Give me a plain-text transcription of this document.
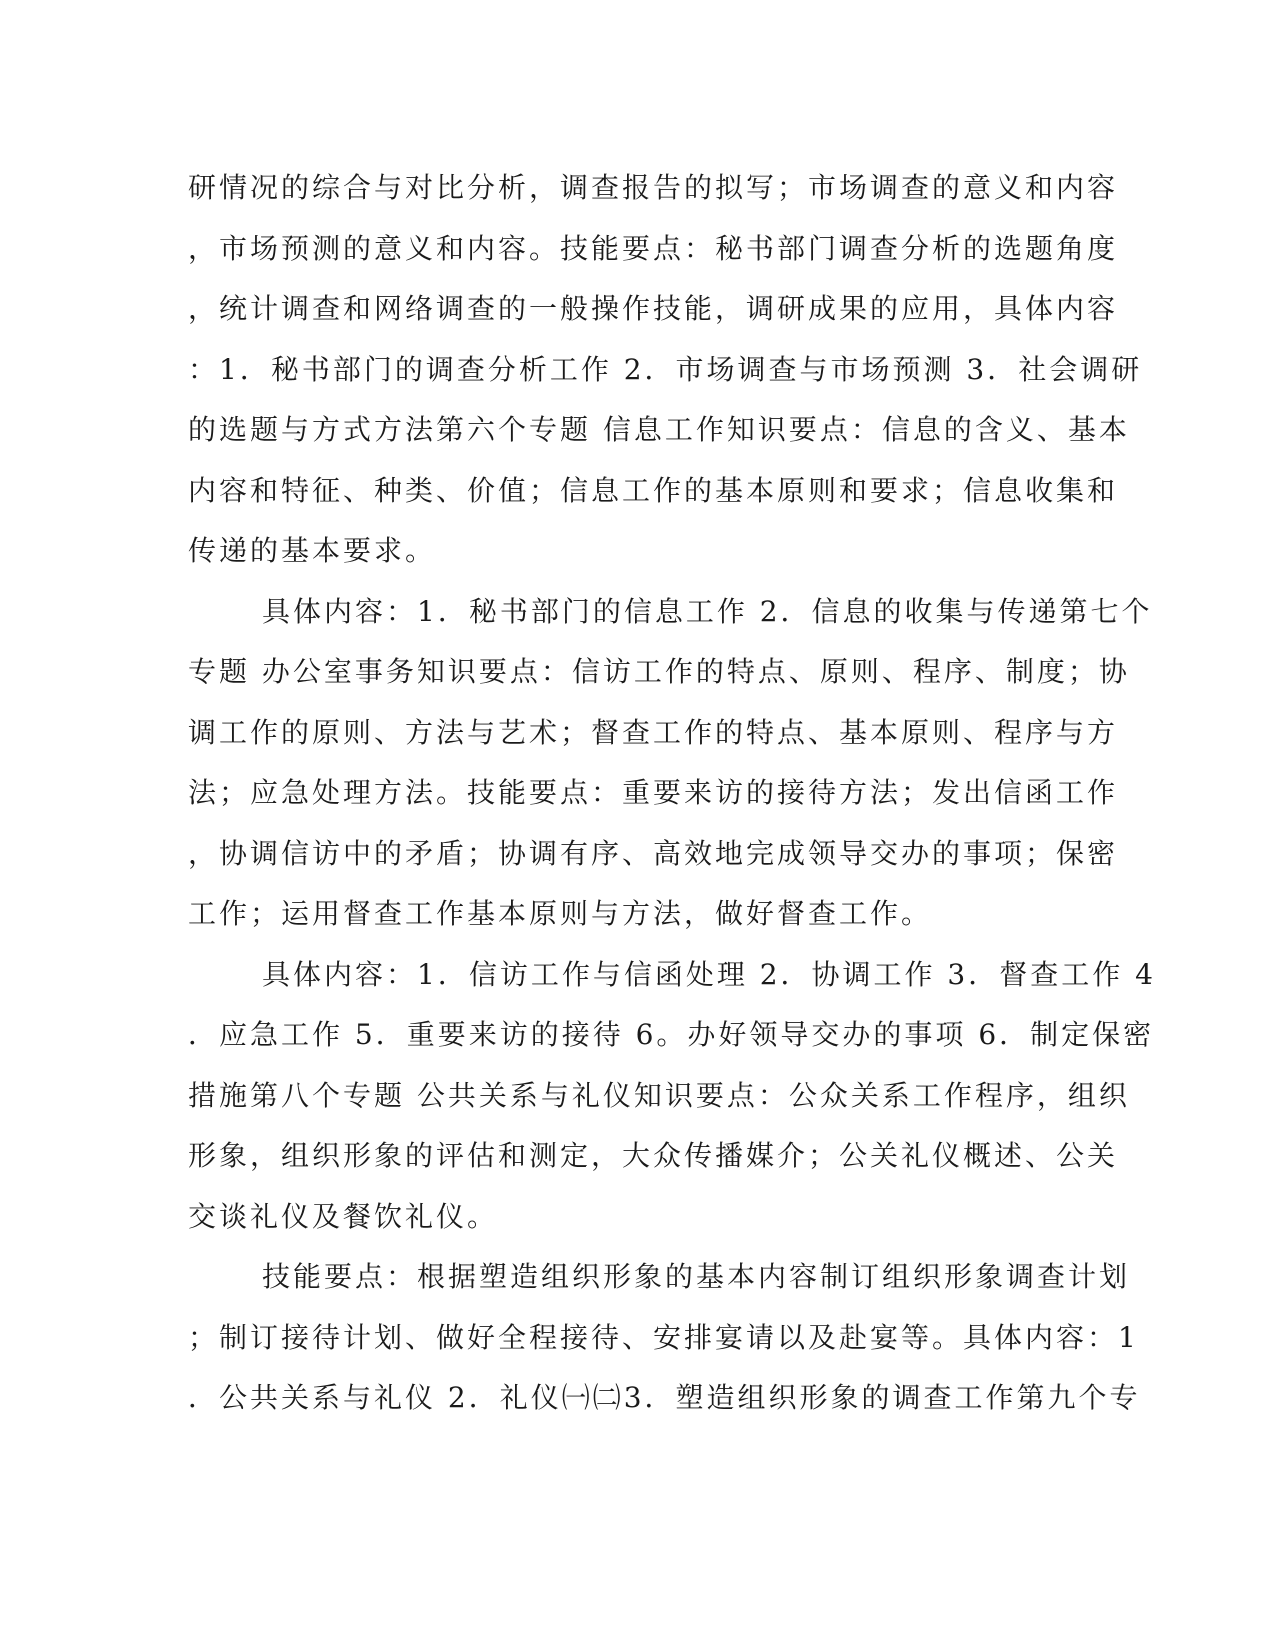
研情况的综合与对比分析，调查报告的拟写；市场调查的意义和内容
，市场预测的意义和内容。技能要点：秘书部门调查分析的选题角度
，统计调查和网络调查的一般操作技能，调研成果的应用，具体内容
：1．秘书部门的调查分析工作 2．市场调查与市场预测 3．社会调研
的选题与方式方法第六个专题 信息工作知识要点：信息的含义、基本
内容和特征、种类、价值；信息工作的基本原则和要求；信息收集和
传递的基本要求。
具体内容：1．秘书部门的信息工作 2．信息的收集与传递第七个
专题 办公室事务知识要点：信访工作的特点、原则、程序、制度；协
调工作的原则、方法与艺术；督查工作的特点、基本原则、程序与方
法；应急处理方法。技能要点：重要来访的接待方法；发出信函工作
，协调信访中的矛盾；协调有序、高效地完成领导交办的事项；保密
工作；运用督查工作基本原则与方法，做好督查工作。
具体内容：1．信访工作与信函处理 2．协调工作 3．督查工作 4
．应急工作 5．重要来访的接待 6。办好领导交办的事项 6．制定保密
措施第八个专题 公共关系与礼仪知识要点：公众关系工作程序，组织
形象，组织形象的评估和测定，大众传播媒介；公关礼仪概述、公关
交谈礼仪及餐饮礼仪。
技能要点：根据塑造组织形象的基本内容制订组织形象调查计划
；制订接待计划、做好全程接待、安排宴请以及赴宴等。具体内容：1
．公共关系与礼仪 2．礼仪㈠㈡3．塑造组织形象的调查工作第九个专
